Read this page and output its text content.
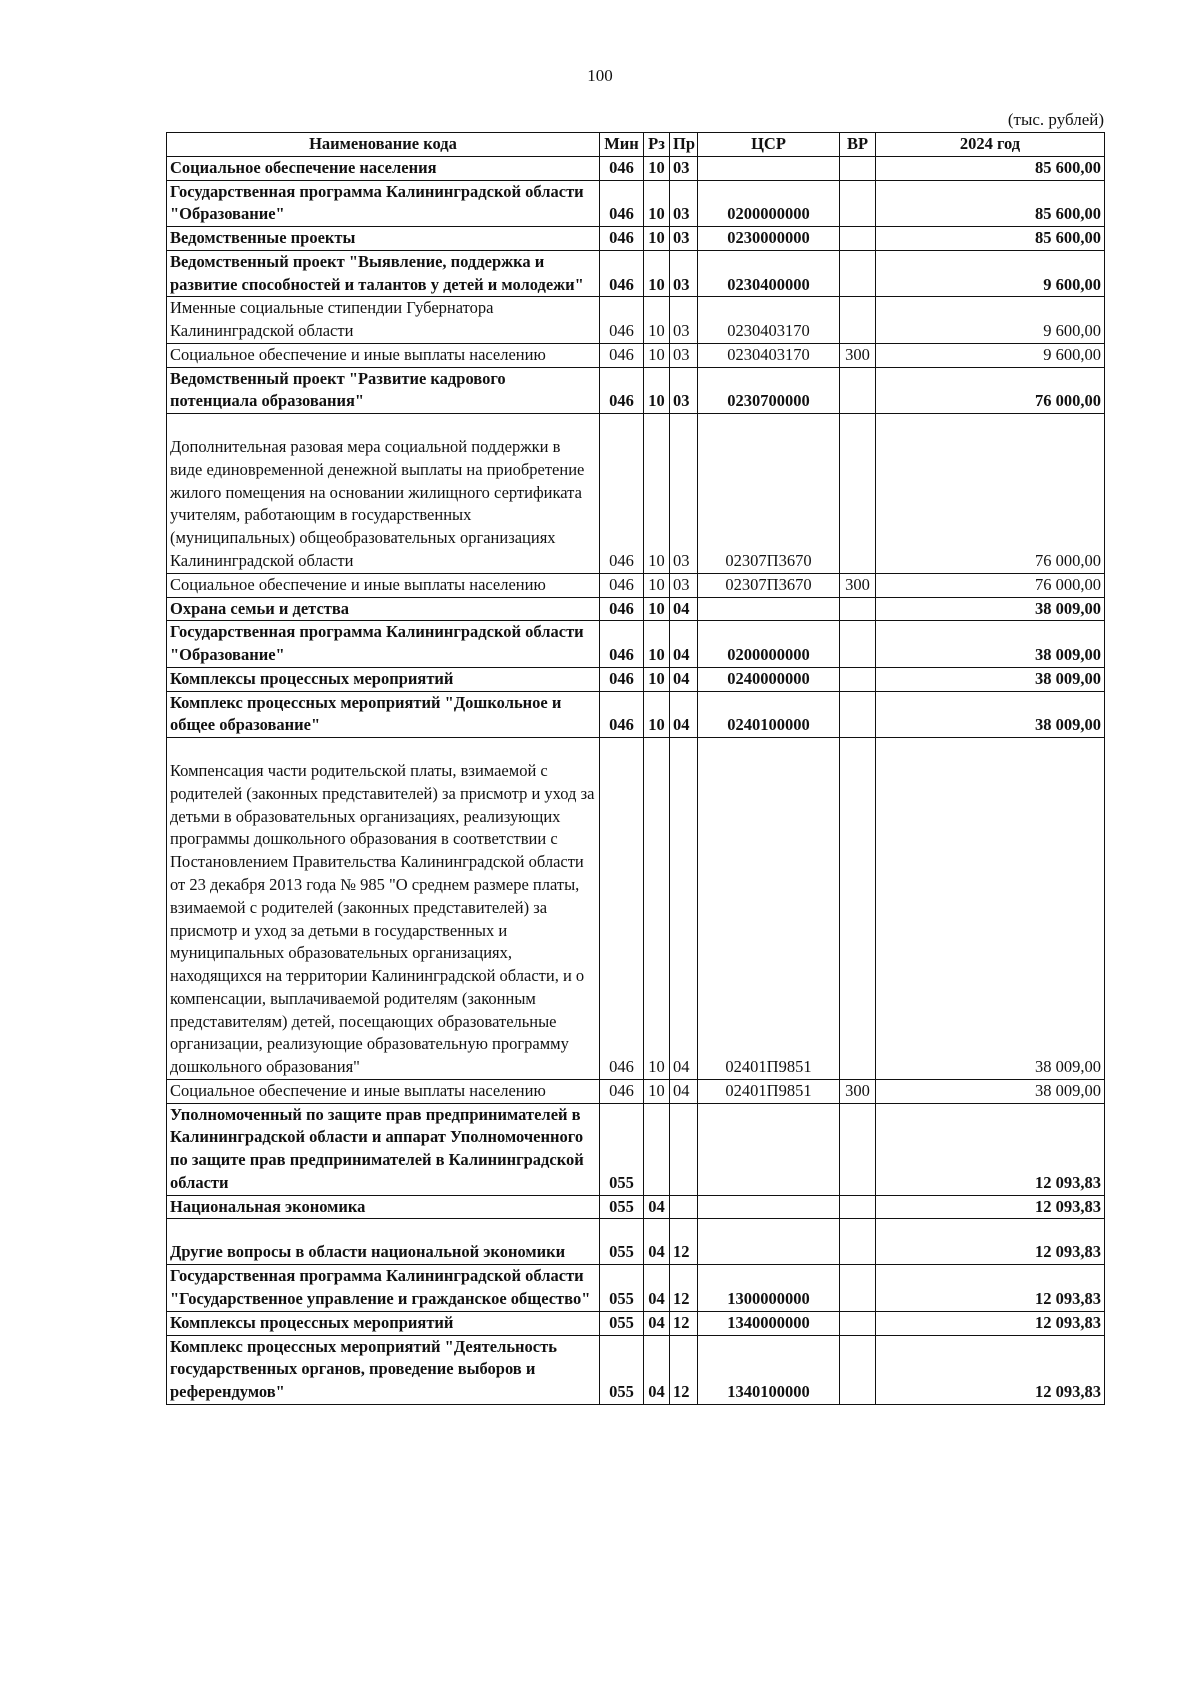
100
(тыс. рублей)
Наименование кода	Мин	Рз	Пр	ЦСР	ВР	2024 год
Социальное обеспечение населения	046	10	03			85 600,00
Государственная программа Калининградской области "Образование"	046	10	03	0200000000		85 600,00
Ведомственные проекты	046	10	03	0230000000		85 600,00
Ведомственный проект "Выявление, поддержка и развитие способностей и талантов у детей и молодежи"	046	10	03	0230400000		9 600,00
Именные социальные стипендии Губернатора Калининградской области	046	10	03	0230403170		9 600,00
Социальное обеспечение и иные выплаты населению	046	10	03	0230403170	300	9 600,00
Ведомственный проект "Развитие кадрового потенциала образования"	046	10	03	0230700000		76 000,00
Дополнительная разовая мера социальной поддержки в виде единовременной денежной выплаты на приобретение жилого помещения на основании жилищного сертификата учителям, работающим в государственных (муниципальных) общеобразовательных организациях Калининградской области	046	10	03	02307П3670		76 000,00
Социальное обеспечение и иные выплаты населению	046	10	03	02307П3670	300	76 000,00
Охрана семьи и детства	046	10	04			38 009,00
Государственная программа Калининградской области "Образование"	046	10	04	0200000000		38 009,00
Комплексы процессных мероприятий	046	10	04	0240000000		38 009,00
Комплекс процессных мероприятий "Дошкольное и общее образование"	046	10	04	0240100000		38 009,00
Компенсация части родительской платы, взимаемой с родителей (законных представителей) за присмотр и уход за детьми в образовательных организациях, реализующих программы дошкольного образования в соответствии с Постановлением Правительства Калининградской области от 23 декабря 2013 года № 985 "О среднем размере платы, взимаемой с родителей (законных представителей) за присмотр и уход за детьми в государственных и муниципальных образовательных организациях, находящихся на территории Калининградской области, и о компенсации, выплачиваемой родителям (законным представителям) детей, посещающих образовательные организации, реализующие образовательную программу дошкольного образования"	046	10	04	02401П9851		38 009,00
Социальное обеспечение и иные выплаты населению	046	10	04	02401П9851	300	38 009,00
Уполномоченный по защите прав предпринимателей в Калининградской области и аппарат Уполномоченного по защите прав предпринимателей в Калининградской области	055					12 093,83
Национальная экономика	055	04				12 093,83
Другие вопросы в области национальной экономики	055	04	12			12 093,83
Государственная программа Калининградской области "Государственное управление и гражданское общество"	055	04	12	1300000000		12 093,83
Комплексы процессных мероприятий	055	04	12	1340000000		12 093,83
Комплекс процессных мероприятий "Деятельность государственных органов, проведение выборов и референдумов"	055	04	12	1340100000		12 093,83
